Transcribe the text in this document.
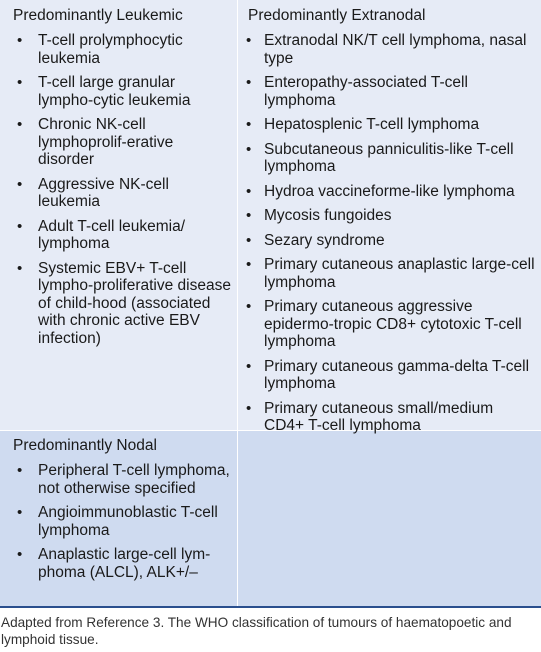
Predominantly Leukemic
• T-cell prolymphocytic leukemia
• T-cell large granular lympho-cytic leukemia
• Chronic NK-cell lymphoprolif-erative disorder
• Aggressive NK-cell leukemia
• Adult T-cell leukemia/ lymphoma
• Systemic EBV+ T-cell lympho-proliferative disease of child-hood (associated with chronic active EBV infection)
Predominantly Extranodal
• Extranodal NK/T cell lymphoma, nasal type
• Enteropathy-associated T-cell lymphoma
• Hepatosplenic T-cell lymphoma
• Subcutaneous panniculitis-like T-cell lymphoma
• Hydroa vaccineforme-like lymphoma
• Mycosis fungoides
• Sezary syndrome
• Primary cutaneous anaplastic large-cell lymphoma
• Primary cutaneous aggressive epidermo-tropic CD8+ cytotoxic T-cell lymphoma
• Primary cutaneous gamma-delta T-cell lymphoma
• Primary cutaneous small/medium CD4+ T-cell lymphoma
Predominantly Nodal
• Peripheral T-cell lymphoma, not otherwise specified
• Angioimmunoblastic T-cell lymphoma
• Anaplastic large-cell lym-phoma (ALCL), ALK+/–
Adapted from Reference 3. The WHO classification of tumours of haematopoetic and lymphoid tissue.
